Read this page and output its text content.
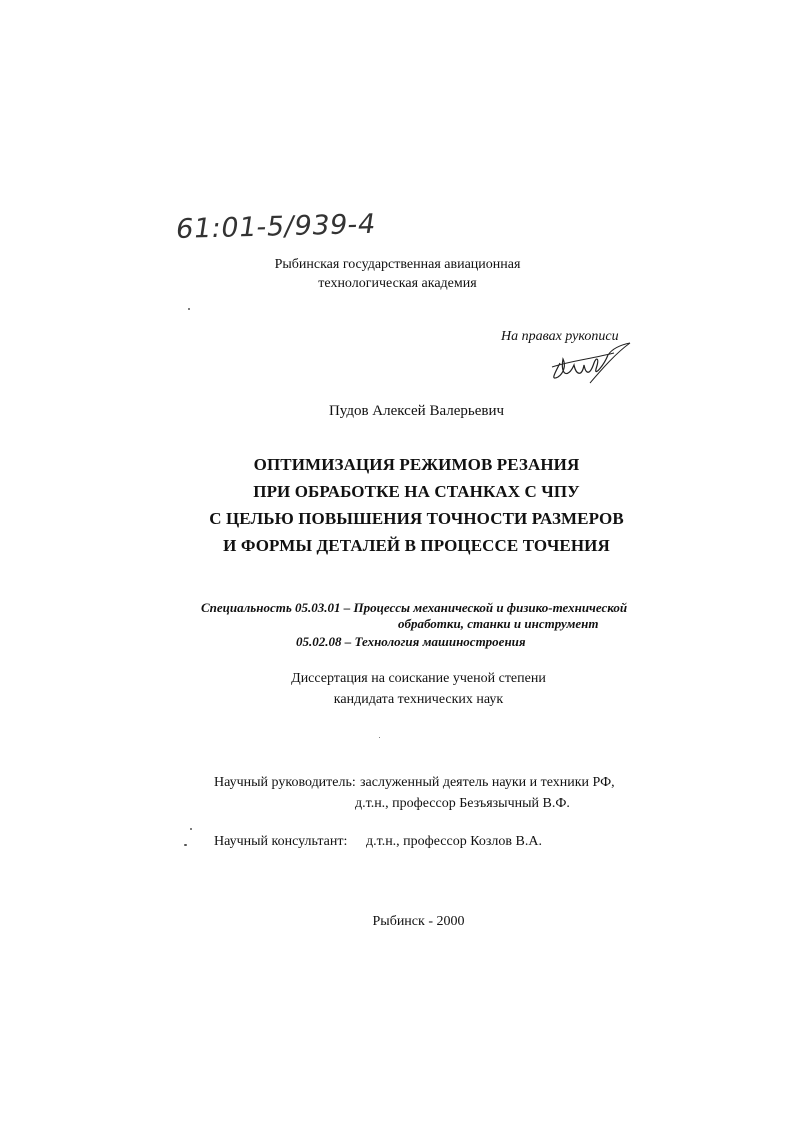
61:01-5/939-4
Рыбинская государственная авиационная
технологическая академия
На правах рукописи
Пудов Алексей Валерьевич
ОПТИМИЗАЦИЯ РЕЖИМОВ РЕЗАНИЯ
ПРИ ОБРАБОТКЕ НА СТАНКАХ С ЧПУ
С ЦЕЛЬЮ ПОВЫШЕНИЯ ТОЧНОСТИ РАЗМЕРОВ
И ФОРМЫ ДЕТАЛЕЙ В ПРОЦЕССЕ ТОЧЕНИЯ
Специальность 05.03.01 – Процессы механической и физико-технической
обработки, станки и инструмент
05.02.08 – Технология машиностроения
Диссертация на соискание ученой степени
кандидата технических наук
Научный руководитель: заслуженный деятель науки и техники РФ,
д.т.н., профессор Безъязычный В.Ф.
Научный консультант: д.т.н., профессор Козлов В.А.
Рыбинск - 2000
